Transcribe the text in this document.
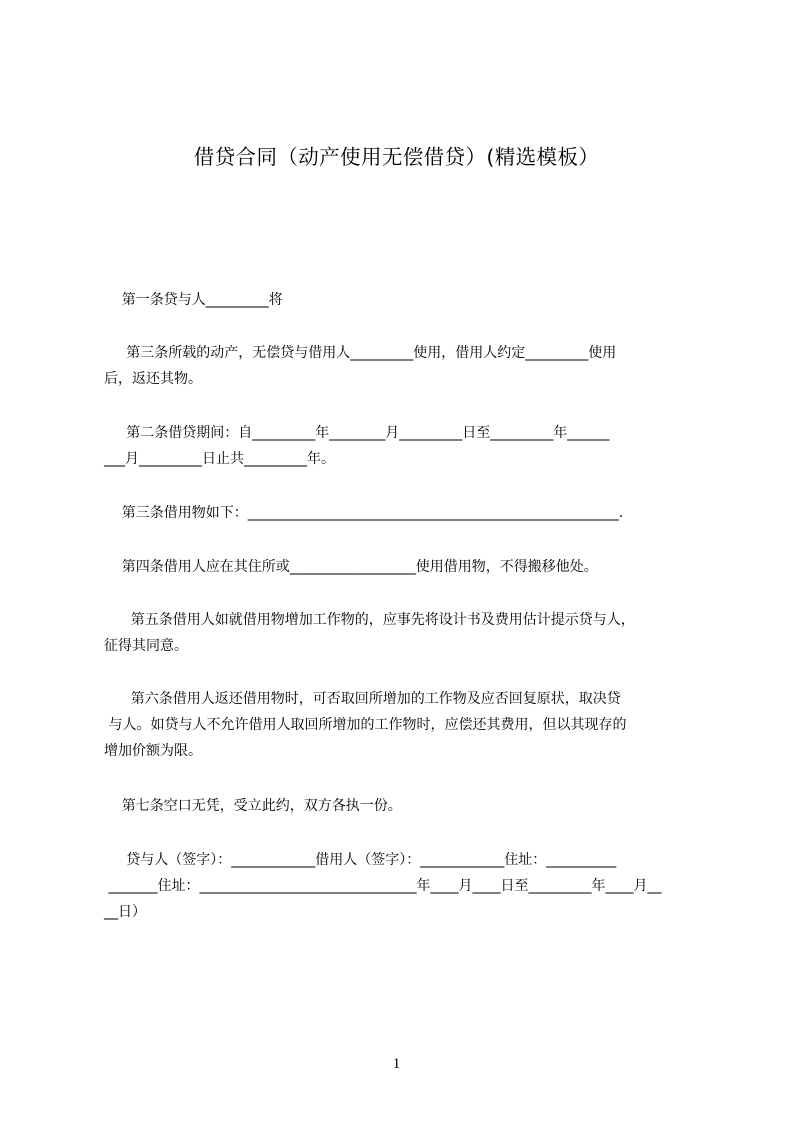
借贷合同（动产使用无偿借贷）(精选模板）
第一条贷与人_________将
第三条所载的动产，无偿贷与借用人_________使用，借用人约定_________使用
后，返还其物。
第二条借贷期间：自_________年________月_________日至_________年______
___月_________日止共_________年。
第三条借用物如下：_____________________________________________________.
第四条借用人应在其住所或__________________使用借用物，不得搬移他处。
第五条借用人如就借用物增加工作物的，应事先将设计书及费用估计提示贷与人，
征得其同意。
第六条借用人返还借用物时，可否取回所增加的工作物及应否回复原状，取决贷
与人。如贷与人不允许借用人取回所增加的工作物时，应偿还其费用，但以其现存的
增加价额为限。
第七条空口无凭，受立此约，双方各执一份。
贷与人（签字）：____________借用人（签字）：____________住址：__________
_______住址：_______________________________年____月____日至_________年____月__
__日）
1
